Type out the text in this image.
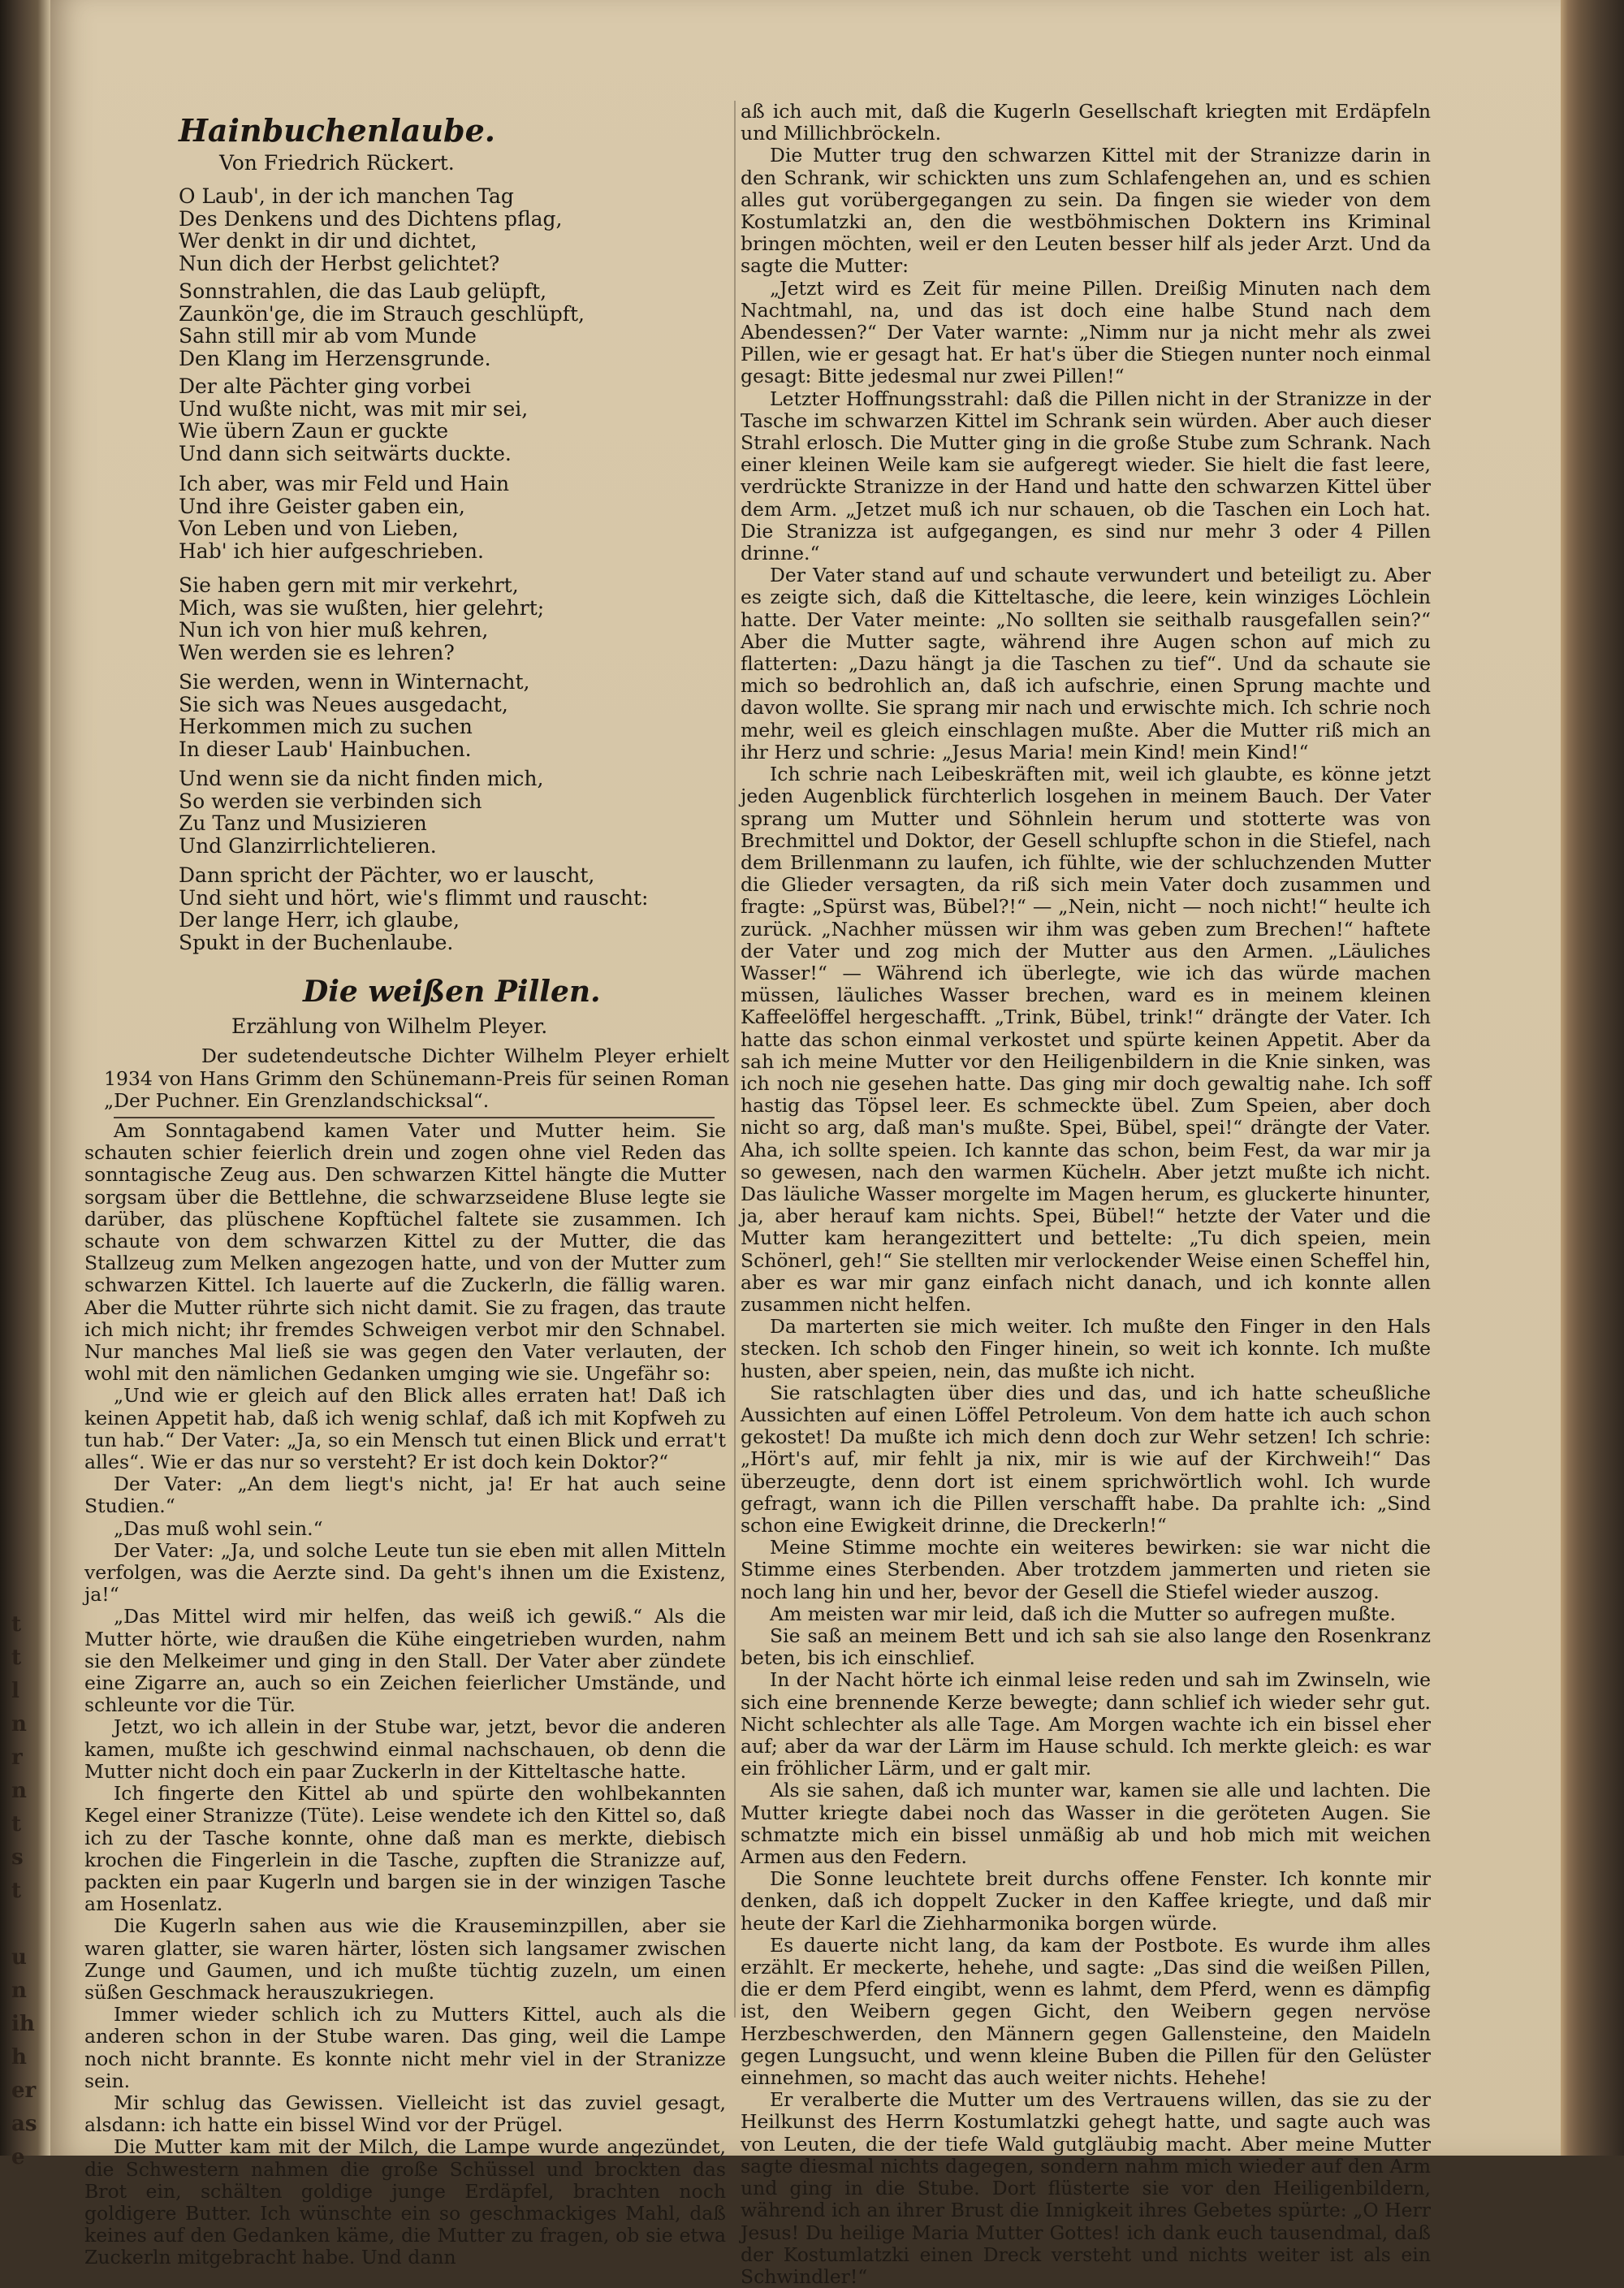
t
t
l
n
r
n
t
s
t

u
n
ih
h
er
as
e
Hainbuchenlaube.

Von Friedrich Rückert.

O Laub', in der ich manchen Tag
Des Denkens und des Dichtens pflag,
Wer denkt in dir und dichtet,
Nun dich der Herbst gelichtet?
Sonnstrahlen, die das Laub gelüpft,
Zaunkön'ge, die im Strauch geschlüpft,
Sahn still mir ab vom Munde
Den Klang im Herzensgrunde.
Der alte Pächter ging vorbei
Und wußte nicht, was mit mir sei,
Wie übern Zaun er guckte
Und dann sich seitwärts duckte.
Ich aber, was mir Feld und Hain
Und ihre Geister gaben ein,
Von Leben und von Lieben,
Hab' ich hier aufgeschrieben.
Sie haben gern mit mir verkehrt,
Mich, was sie wußten, hier gelehrt;
Nun ich von hier muß kehren,
Wen werden sie es lehren?
Sie werden, wenn in Winternacht,
Sie sich was Neues ausgedacht,
Herkommen mich zu suchen
In dieser Laub' Hainbuchen.
Und wenn sie da nicht finden mich,
So werden sie verbinden sich
Zu Tanz und Musizieren
Und Glanzirrlichtelieren.
Dann spricht der Pächter, wo er lauscht,
Und sieht und hört, wie's flimmt und rauscht:
Der lange Herr, ich glaube,
Spukt in der Buchenlaube.
Die weißen Pillen.

Erzählung von Wilhelm Pleyer.

Der sudetendeutsche Dichter Wilhelm Pleyer erhielt 1934 von Hans Grimm den Schünemann-Preis für seinen Roman „Der Puchner. Ein Grenzlandschicksal“.

Am Sonntagabend kamen Vater und Mutter heim. Sie schauten schier feierlich drein und zogen ohne viel Reden das sonntagische Zeug aus. Den schwarzen Kittel hängte die Mutter sorgsam über die Bettlehne, die schwarzseidene Bluse legte sie darüber, das plüschene Kopftüchel faltete sie zusammen. Ich schaute von dem schwarzen Kittel zu der Mutter, die das Stallzeug zum Melken angezogen hatte, und von der Mutter zum schwarzen Kittel. Ich lauerte auf die Zuckerln, die fällig waren. Aber die Mutter rührte sich nicht damit. Sie zu fragen, das traute ich mich nicht; ihr fremdes Schweigen verbot mir den Schnabel. Nur manches Mal ließ sie was gegen den Vater verlauten, der wohl mit den nämlichen Gedanken umging wie sie. Ungefähr so:

„Und wie er gleich auf den Blick alles erraten hat! Daß ich keinen Appetit hab, daß ich wenig schlaf, daß ich mit Kopfweh zu tun hab.“ Der Vater: „Ja, so ein Mensch tut einen Blick und errat't alles“. Wie er das nur so versteht? Er ist doch kein Doktor?“

Der Vater: „An dem liegt's nicht, ja! Er hat auch seine Studien.“

„Das muß wohl sein.“

Der Vater: „Ja, und solche Leute tun sie eben mit allen Mitteln verfolgen, was die Aerzte sind. Da geht's ihnen um die Existenz, ja!“

„Das Mittel wird mir helfen, das weiß ich gewiß.“ Als die Mutter hörte, wie draußen die Kühe eingetrieben wurden, nahm sie den Melkeimer und ging in den Stall. Der Vater aber zündete eine Zigarre an, auch so ein Zeichen feierlicher Umstände, und schleunte vor die Tür.

Jetzt, wo ich allein in der Stube war, jetzt, bevor die anderen kamen, mußte ich geschwind einmal nachschauen, ob denn die Mutter nicht doch ein paar Zuckerln in der Kitteltasche hatte.

Ich fingerte den Kittel ab und spürte den wohlbekannten Kegel einer Stranizze (Tüte). Leise wendete ich den Kittel so, daß ich zu der Tasche konnte, ohne daß man es merkte, diebisch krochen die Fingerlein in die Tasche, zupften die Stranizze auf, packten ein paar Kugerln und bargen sie in der winzigen Tasche am Hosenlatz.

Die Kugerln sahen aus wie die Krauseminzpillen, aber sie waren glatter, sie waren härter, lösten sich langsamer zwischen Zunge und Gaumen, und ich mußte tüchtig zuzeln, um einen süßen Geschmack herauszukriegen.

Immer wieder schlich ich zu Mutters Kittel, auch als die anderen schon in der Stube waren. Das ging, weil die Lampe noch nicht brannte. Es konnte nicht mehr viel in der Stranizze sein.

Mir schlug das Gewissen. Vielleicht ist das zuviel gesagt, alsdann: ich hatte ein bissel Wind vor der Prügel.

Die Mutter kam mit der Milch, die Lampe wurde angezündet, die Schwestern nahmen die große Schüssel und brockten das Brot ein, schälten goldige junge Erdäpfel, brachten noch goldigere Butter. Ich wünschte ein so geschmackiges Mahl, daß keines auf den Gedanken käme, die Mutter zu fragen, ob sie etwa Zuckerln mitgebracht habe. Und dann

aß ich auch mit, daß die Kugerln Gesellschaft kriegten mit Erdäpfeln und Millichbröckeln.

Die Mutter trug den schwarzen Kittel mit der Stranizze darin in den Schrank, wir schickten uns zum Schlafengehen an, und es schien alles gut vorübergegangen zu sein. Da fingen sie wieder von dem Kostumlatzki an, den die westböhmischen Doktern ins Kriminal bringen möchten, weil er den Leuten besser hilf als jeder Arzt. Und da sagte die Mutter:

„Jetzt wird es Zeit für meine Pillen. Dreißig Minuten nach dem Nachtmahl, na, und das ist doch eine halbe Stund nach dem Abendessen?“ Der Vater warnte: „Nimm nur ja nicht mehr als zwei Pillen, wie er gesagt hat. Er hat's über die Stiegen nunter noch einmal gesagt: Bitte jedesmal nur zwei Pillen!“

Letzter Hoffnungsstrahl: daß die Pillen nicht in der Stranizze in der Tasche im schwarzen Kittel im Schrank sein würden. Aber auch dieser Strahl erlosch. Die Mutter ging in die große Stube zum Schrank. Nach einer kleinen Weile kam sie aufgeregt wieder. Sie hielt die fast leere, verdrückte Stranizze in der Hand und hatte den schwarzen Kittel über dem Arm. „Jetzet muß ich nur schauen, ob die Taschen ein Loch hat. Die Stranizza ist aufgegangen, es sind nur mehr 3 oder 4 Pillen drinne.“

Der Vater stand auf und schaute verwundert und beteiligt zu. Aber es zeigte sich, daß die Kitteltasche, die leere, kein winziges Löchlein hatte. Der Vater meinte: „No sollten sie seithalb rausgefallen sein?“ Aber die Mutter sagte, während ihre Augen schon auf mich zu flatterten: „Dazu hängt ja die Taschen zu tief“. Und da schaute sie mich so bedrohlich an, daß ich aufschrie, einen Sprung machte und davon wollte. Sie sprang mir nach und erwischte mich. Ich schrie noch mehr, weil es gleich einschlagen mußte. Aber die Mutter riß mich an ihr Herz und schrie: „Jesus Maria! mein Kind! mein Kind!“

Ich schrie nach Leibeskräften mit, weil ich glaubte, es könne jetzt jeden Augenblick fürchterlich losgehen in meinem Bauch. Der Vater sprang um Mutter und Söhnlein herum und stotterte was von Brechmittel und Doktor, der Gesell schlupfte schon in die Stiefel, nach dem Brillenmann zu laufen, ich fühlte, wie der schluchzenden Mutter die Glieder versagten, da riß sich mein Vater doch zusammen und fragte: „Spürst was, Bübel?!“ — „Nein, nicht — noch nicht!“ heulte ich zurück. „Nachher müssen wir ihm was geben zum Brechen!“ haftete der Vater und zog mich der Mutter aus den Armen. „Läuliches Wasser!“ — Während ich überlegte, wie ich das würde machen müssen, läuliches Wasser brechen, ward es in meinem kleinen Kaffeelöffel hergeschafft. „Trink, Bübel, trink!“ drängte der Vater. Ich hatte das schon einmal verkostet und spürte keinen Appetit. Aber da sah ich meine Mutter vor den Heiligenbildern in die Knie sinken, was ich noch nie gesehen hatte. Das ging mir doch gewaltig nahe. Ich soff hastig das Töpsel leer. Es schmeckte übel. Zum Speien, aber doch nicht so arg, daß man's mußte. Spei, Bübel, spei!“ drängte der Vater. Aha, ich sollte speien. Ich kannte das schon, beim Fest, da war mir ja so gewesen, nach den warmen Küchelн. Aber jetzt mußte ich nicht. Das läuliche Wasser morgelte im Magen herum, es gluckerte hinunter, ja, aber herauf kam nichts. Spei, Bübel!“ hetzte der Vater und die Mutter kam herangezittert und bettelte: „Tu dich speien, mein Schönerl, geh!“ Sie stellten mir verlockender Weise einen Scheffel hin, aber es war mir ganz einfach nicht danach, und ich konnte allen zusammen nicht helfen.

Da marterten sie mich weiter. Ich mußte den Finger in den Hals stecken. Ich schob den Finger hinein, so weit ich konnte. Ich mußte husten, aber speien, nein, das mußte ich nicht.

Sie ratschlagten über dies und das, und ich hatte scheußliche Aussichten auf einen Löffel Petroleum. Von dem hatte ich auch schon gekostet! Da mußte ich mich denn doch zur Wehr setzen! Ich schrie: „Hört's auf, mir fehlt ja nix, mir is wie auf der Kirchweih!“ Das überzeugte, denn dort ist einem sprichwörtlich wohl. Ich wurde gefragt, wann ich die Pillen verschafft habe. Da prahlte ich: „Sind schon eine Ewigkeit drinne, die Dreckerln!“

Meine Stimme mochte ein weiteres bewirken: sie war nicht die Stimme eines Sterbenden. Aber trotzdem jammerten und rieten sie noch lang hin und her, bevor der Gesell die Stiefel wieder auszog.

Am meisten war mir leid, daß ich die Mutter so aufregen mußte.

Sie saß an meinem Bett und ich sah sie also lange den Rosenkranz beten, bis ich einschlief.

In der Nacht hörte ich einmal leise reden und sah im Zwinseln, wie sich eine brennende Kerze bewegte; dann schlief ich wieder sehr gut. Nicht schlechter als alle Tage. Am Morgen wachte ich ein bissel eher auf; aber da war der Lärm im Hause schuld. Ich merkte gleich: es war ein fröhlicher Lärm, und er galt mir.

Als sie sahen, daß ich munter war, kamen sie alle und lachten. Die Mutter kriegte dabei noch das Wasser in die geröteten Augen. Sie schmatzte mich ein bissel unmäßig ab und hob mich mit weichen Armen aus den Federn.

Die Sonne leuchtete breit durchs offene Fenster. Ich konnte mir denken, daß ich doppelt Zucker in den Kaffee kriegte, und daß mir heute der Karl die Ziehharmonika borgen würde.

Es dauerte nicht lang, da kam der Postbote. Es wurde ihm alles erzählt. Er meckerte, hehehe, und sagte: „Das sind die weißen Pillen, die er dem Pferd eingibt, wenn es lahmt, dem Pferd, wenn es dämpfig ist, den Weibern gegen Gicht, den Weibern gegen nervöse Herzbeschwerden, den Männern gegen Gallensteine, den Maideln gegen Lungsucht, und wenn kleine Buben die Pillen für den Gelüster einnehmen, so macht das auch weiter nichts. Hehehe!

Er veralberte die Mutter um des Vertrauens willen, das sie zu der Heilkunst des Herrn Kostumlatzki gehegt hatte, und sagte auch was von Leuten, die der tiefe Wald gutgläubig macht. Aber meine Mutter sagte diesmal nichts dagegen, sondern nahm mich wieder auf den Arm und ging in die Stube. Dort flüsterte sie vor den Heiligenbildern, während ich an ihrer Brust die Innigkeit ihres Gebetes spürte: „O Herr Jesus! Du heilige Maria Mutter Gottes! ich dank euch tausendmal, daß der Kostumlatzki einen Dreck versteht und nichts weiter ist als ein Schwindler!“
